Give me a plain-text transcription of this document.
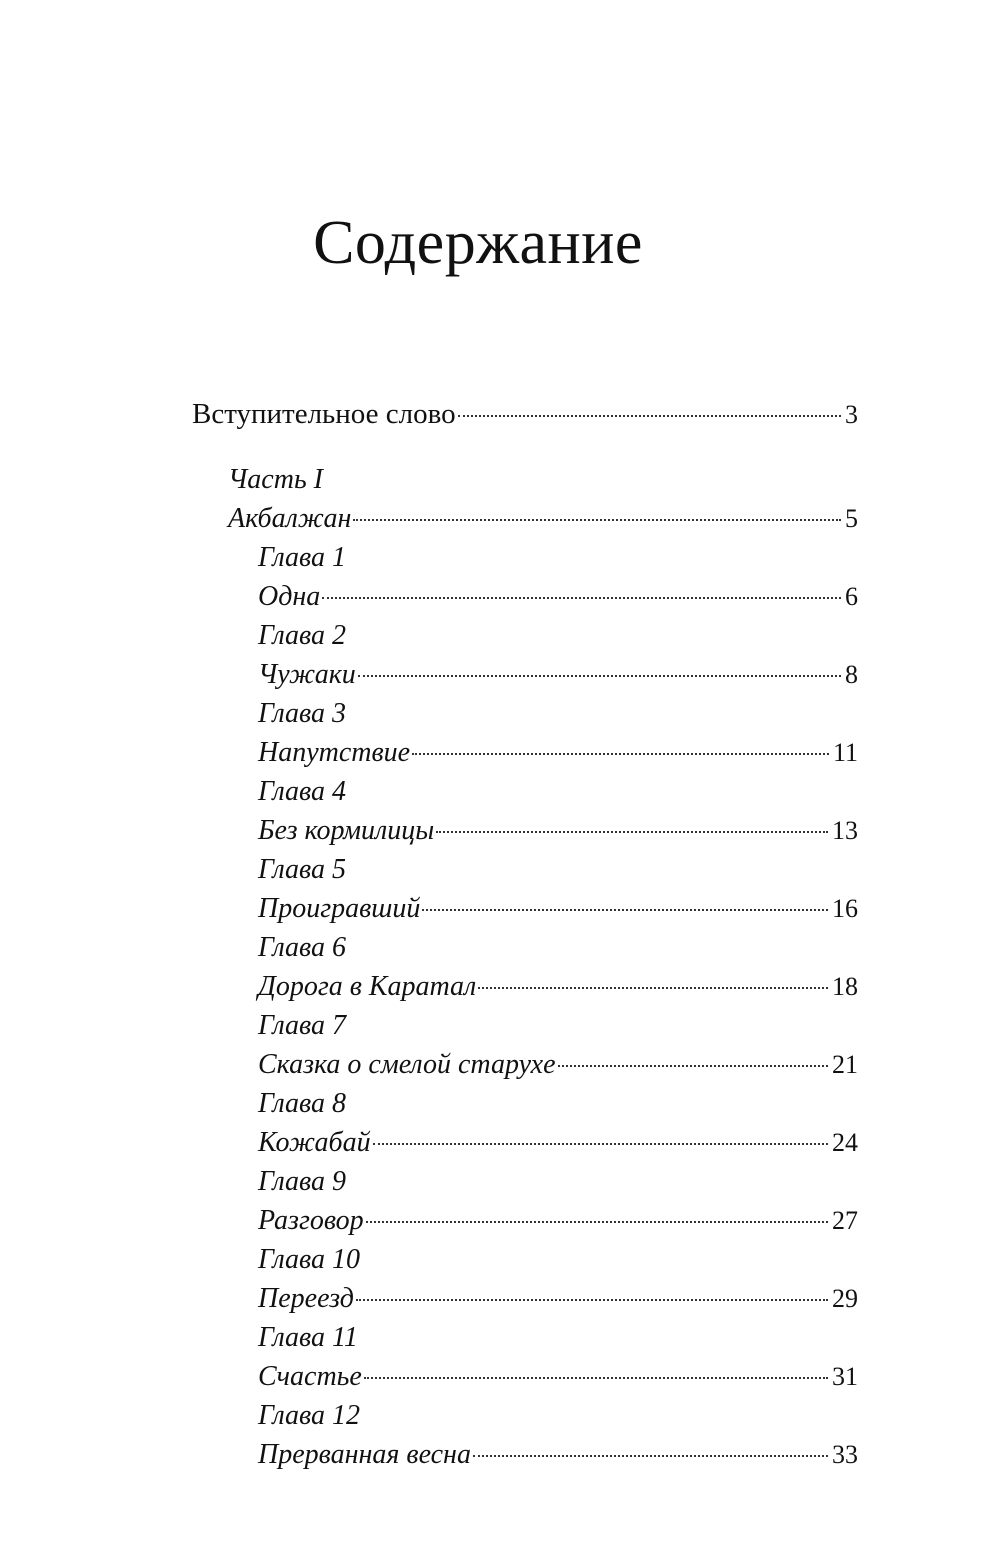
Содержание
Вступительное слово	3
Часть I
Акбалжан	5
Глава 1
Одна	6
Глава 2
Чужаки	8
Глава 3
Напутствие	11
Глава 4
Без кормилицы	13
Глава 5
Проигравший	16
Глава 6
Дорога в Каратал	18
Глава 7
Сказка о смелой старухе	21
Глава 8
Кожабай	24
Глава 9
Разговор	27
Глава 10
Переезд	29
Глава 11
Счастье	31
Глава 12
Прерванная весна	33
